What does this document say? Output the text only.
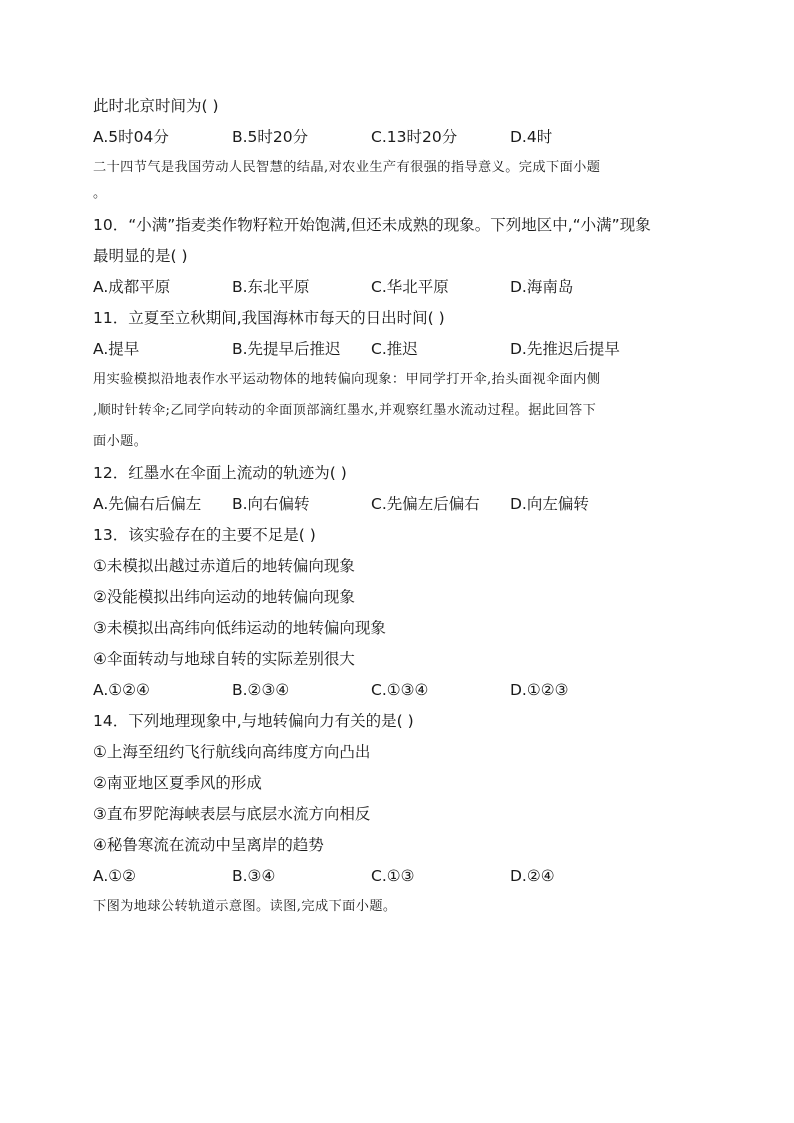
此时北京时间为( )
A.5时04分	B.5时20分	C.13时20分	D.4时
二十四节气是我国劳动人民智慧的结晶,对农业生产有很强的指导意义。完成下面小题
。
10．“小满”指麦类作物籽粒开始饱满,但还未成熟的现象。下列地区中,“小满”现象
最明显的是( )
A.成都平原	B.东北平原	C.华北平原	D.海南岛
11．立夏至立秋期间,我国海林市每天的日出时间( )
A.提早	B.先提早后推迟	C.推迟	D.先推迟后提早
用实验模拟沿地表作水平运动物体的地转偏向现象：甲同学打开伞,抬头面视伞面内侧
,顺时针转伞;乙同学向转动的伞面顶部滴红墨水,并观察红墨水流动过程。据此回答下
面小题。
12．红墨水在伞面上流动的轨迹为( )
A.先偏右后偏左	B.向右偏转	C.先偏左后偏右	D.向左偏转
13．该实验存在的主要不足是( )
①未模拟出越过赤道后的地转偏向现象
②没能模拟出纬向运动的地转偏向现象
③未模拟出高纬向低纬运动的地转偏向现象
④伞面转动与地球自转的实际差别很大
A.①②④	B.②③④	C.①③④	D.①②③
14．下列地理现象中,与地转偏向力有关的是( )
①上海至纽约飞行航线向高纬度方向凸出
②南亚地区夏季风的形成
③直布罗陀海峡表层与底层水流方向相反
④秘鲁寒流在流动中呈离岸的趋势
A.①②	B.③④	C.①③	D.②④
下图为地球公转轨道示意图。读图,完成下面小题。
